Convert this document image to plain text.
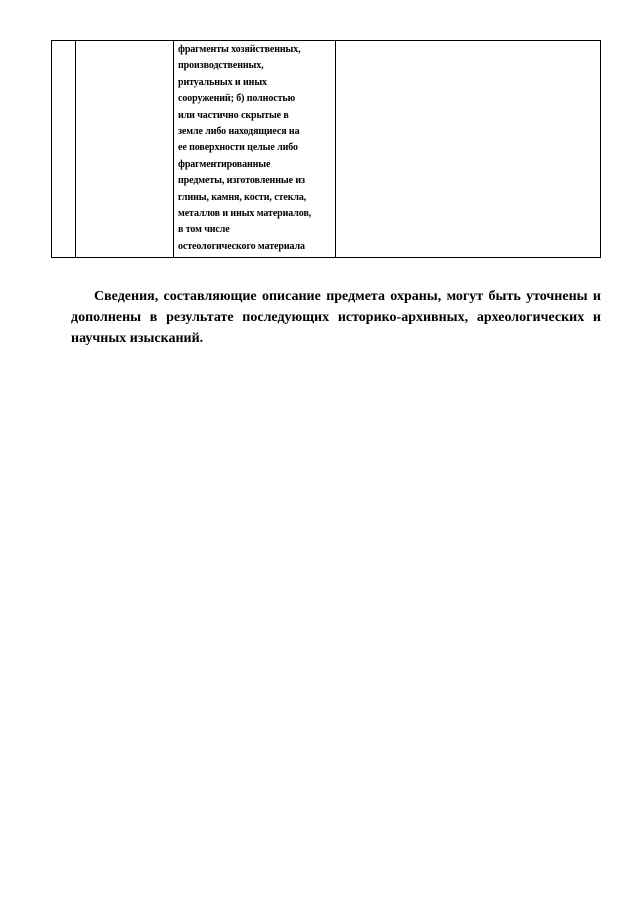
фрагменты хозяйственных,
производственных,
ритуальных и иных
сооружений; б) полностью
или частично скрытые в
земле либо находящиеся на
ее поверхности целые либо
фрагментированные
предметы, изготовленные из
глины, камня, кости, стекла,
металлов и иных материалов,
в том числе
остеологического материала

Сведения, составляющие описание предмета охраны, могут быть уточнены и дополнены в результате последующих историко-архивных, археологических и научных изысканий.
